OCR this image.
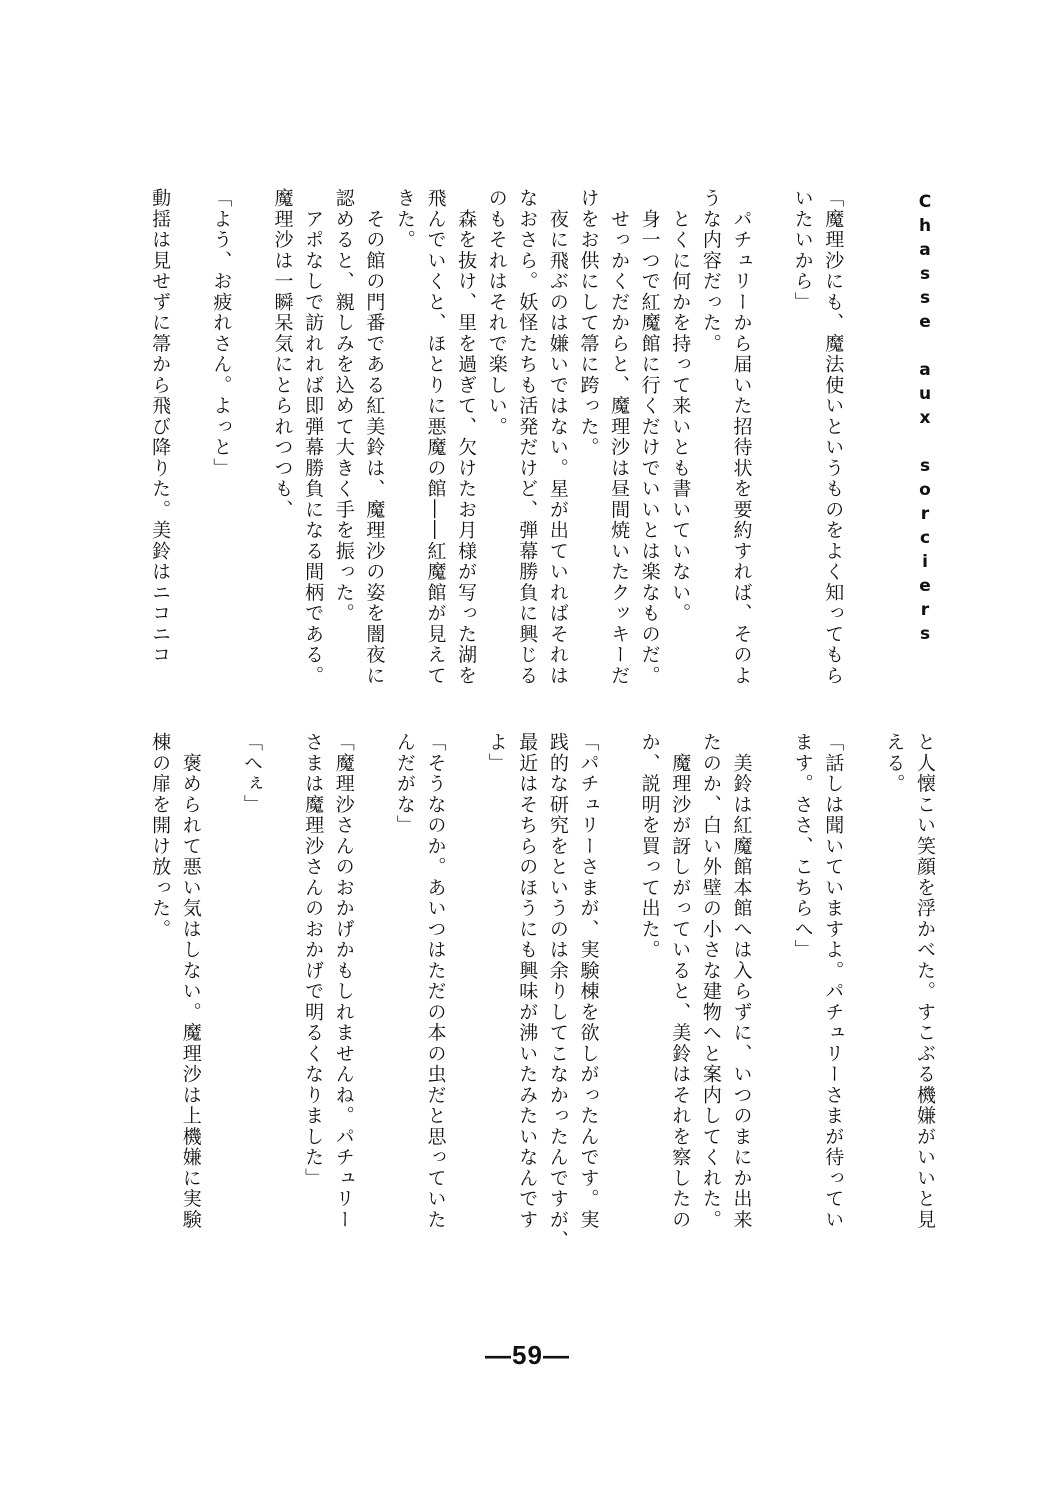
Chasse aux sorciers
「魔理沙にも、魔法使いというものをよく知ってもら
いたいから」
　パチュリーから届いた招待状を要約すれば、そのよ
うな内容だった。
　とくに何かを持って来いとも書いていない。
　身一つで紅魔館に行くだけでいいとは楽なものだ。
　せっかくだからと、魔理沙は昼間焼いたクッキーだ
けをお供にして箒に跨った。
　夜に飛ぶのは嫌いではない。星が出ていればそれは
なおさら。妖怪たちも活発だけど、弾幕勝負に興じる
のもそれはそれで楽しい。
　森を抜け、里を過ぎて、欠けたお月様が写った湖を
飛んでいくと、ほとりに悪魔の館――紅魔館が見えて
きた。
　その館の門番である紅美鈴は、魔理沙の姿を闇夜に
認めると、親しみを込めて大きく手を振った。
　アポなしで訪れれば即弾幕勝負になる間柄である。
魔理沙は一瞬呆気にとられつつも、
「よう、お疲れさん。よっと」
動揺は見せずに箒から飛び降りた。美鈴はニコニコ
と人懐こい笑顔を浮かべた。すこぶる機嫌がいいと見
える。
「話しは聞いていますよ。パチュリーさまが待ってい
ます。ささ、こちらへ」
　美鈴は紅魔館本館へは入らずに、いつのまにか出来
たのか、白い外壁の小さな建物へと案内してくれた。
　魔理沙が訝しがっていると、美鈴はそれを察したの
か、説明を買って出た。
「パチュリーさまが、実験棟を欲しがったんです。実
践的な研究をというのは余りしてこなかったんですが、
最近はそちらのほうにも興味が沸いたみたいなんです
よ」
「そうなのか。あいつはただの本の虫だと思っていた
んだがな」
「魔理沙さんのおかげかもしれませんね。パチュリー
さまは魔理沙さんのおかげで明るくなりました」
「へぇ」
　褒められて悪い気はしない。魔理沙は上機嫌に実験
棟の扉を開け放った。
—59—
